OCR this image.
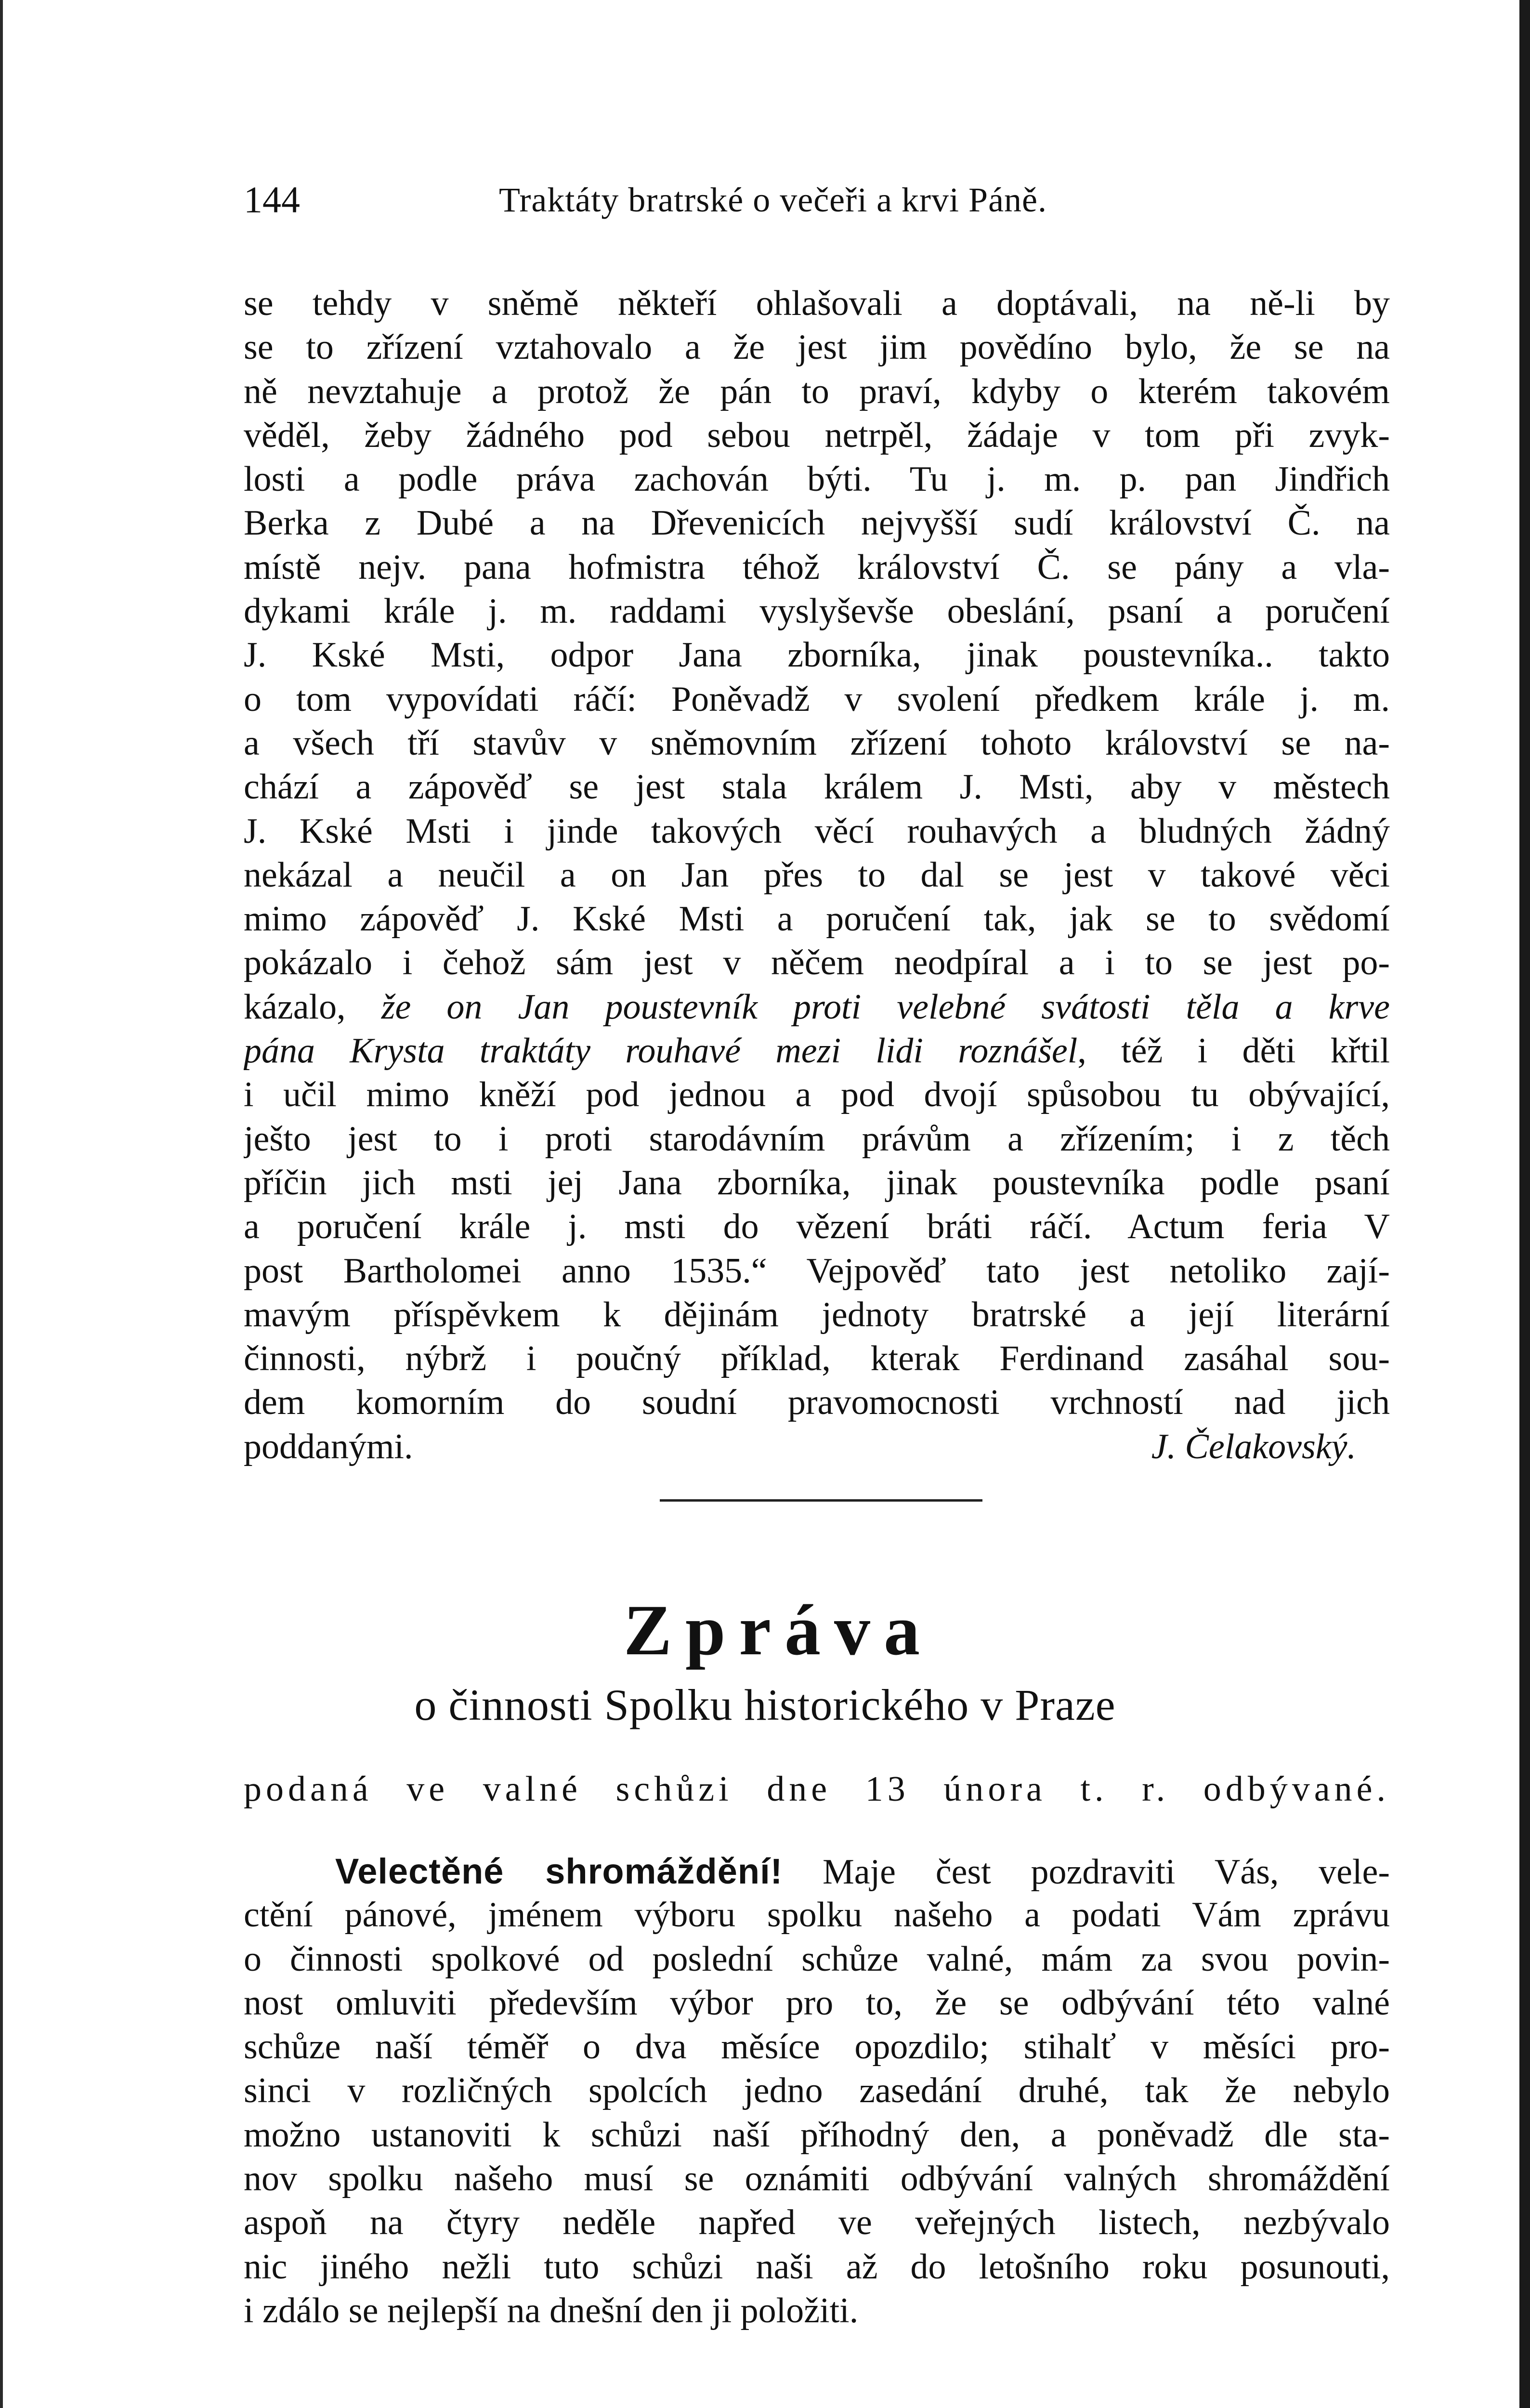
144	Traktáty bratrské o večeři a krvi Páně.
se tehdy v sněmě někteří ohlašovali a doptávali, na ně-li by
se to zřízení vztahovalo a že jest jim povědíno bylo, že se na
ně nevztahuje a protož že pán to praví, kdyby o kterém takovém
věděl, žeby žádného pod sebou netrpěl, žádaje v tom při zvyk-
losti a podle práva zachován býti. Tu j. m. p. pan Jindřich
Berka z Dubé a na Dřevenicích nejvyšší sudí království Č. na
místě nejv. pana hofmistra téhož království Č. se pány a vla-
dykami krále j. m. raddami vyslyševše obeslání, psaní a poručení
J. Kské Msti, odpor Jana zborníka, jinak poustevníka.. takto
o tom vypovídati ráčí: Poněvadž v svolení předkem krále j. m.
a všech tří stavův v sněmovním zřízení tohoto království se na-
chází a zápověď se jest stala králem J. Msti, aby v městech
J. Kské Msti i jinde takových věcí rouhavých a bludných žádný
nekázal a neučil a on Jan přes to dal se jest v takové věci
mimo zápověď J. Kské Msti a poručení tak, jak se to svědomí
pokázalo i čehož sám jest v něčem neodpíral a i to se jest po-
kázalo, že on Jan poustevník proti velebné svátosti těla a krve
pána Krysta traktáty rouhavé mezi lidi roznášel, též i děti křtil
i učil mimo kněží pod jednou a pod dvojí spůsobou tu obývající,
ješto jest to i proti starodávním právům a zřízením; i z těch
příčin jich msti jej Jana zborníka, jinak poustevníka podle psaní
a poručení krále j. msti do vězení bráti ráčí. Actum feria V
post Bartholomei anno 1535.“ Vejpověď tato jest netoliko zají-
mavým příspěvkem k dějinám jednoty bratrské a její literární
činnosti, nýbrž i poučný příklad, kterak Ferdinand zasáhal sou-
dem komorním do soudní pravomocnosti vrchností nad jich
poddanými.	J. Čelakovský.
Zpráva
o činnosti Spolku historického v Praze
podaná ve valné schůzi dne 13 února t. r. odbývané.
Velectěné shromáždění! Maje čest pozdraviti Vás, vele-
ctění pánové, jménem výboru spolku našeho a podati Vám zprávu
o činnosti spolkové od poslední schůze valné, mám za svou povin-
nost omluviti především výbor pro to, že se odbývání této valné
schůze naší téměř o dva měsíce opozdilo; stihalť v měsíci pro-
sinci v rozličných spolcích jedno zasedání druhé, tak že nebylo
možno ustanoviti k schůzi naší příhodný den, a poněvadž dle sta-
nov spolku našeho musí se oznámiti odbývání valných shromáždění
aspoň na čtyry neděle napřed ve veřejných listech, nezbývalo
nic jiného nežli tuto schůzi naši až do letošního roku posunouti,
i zdálo se nejlepší na dnešní den ji položiti.
